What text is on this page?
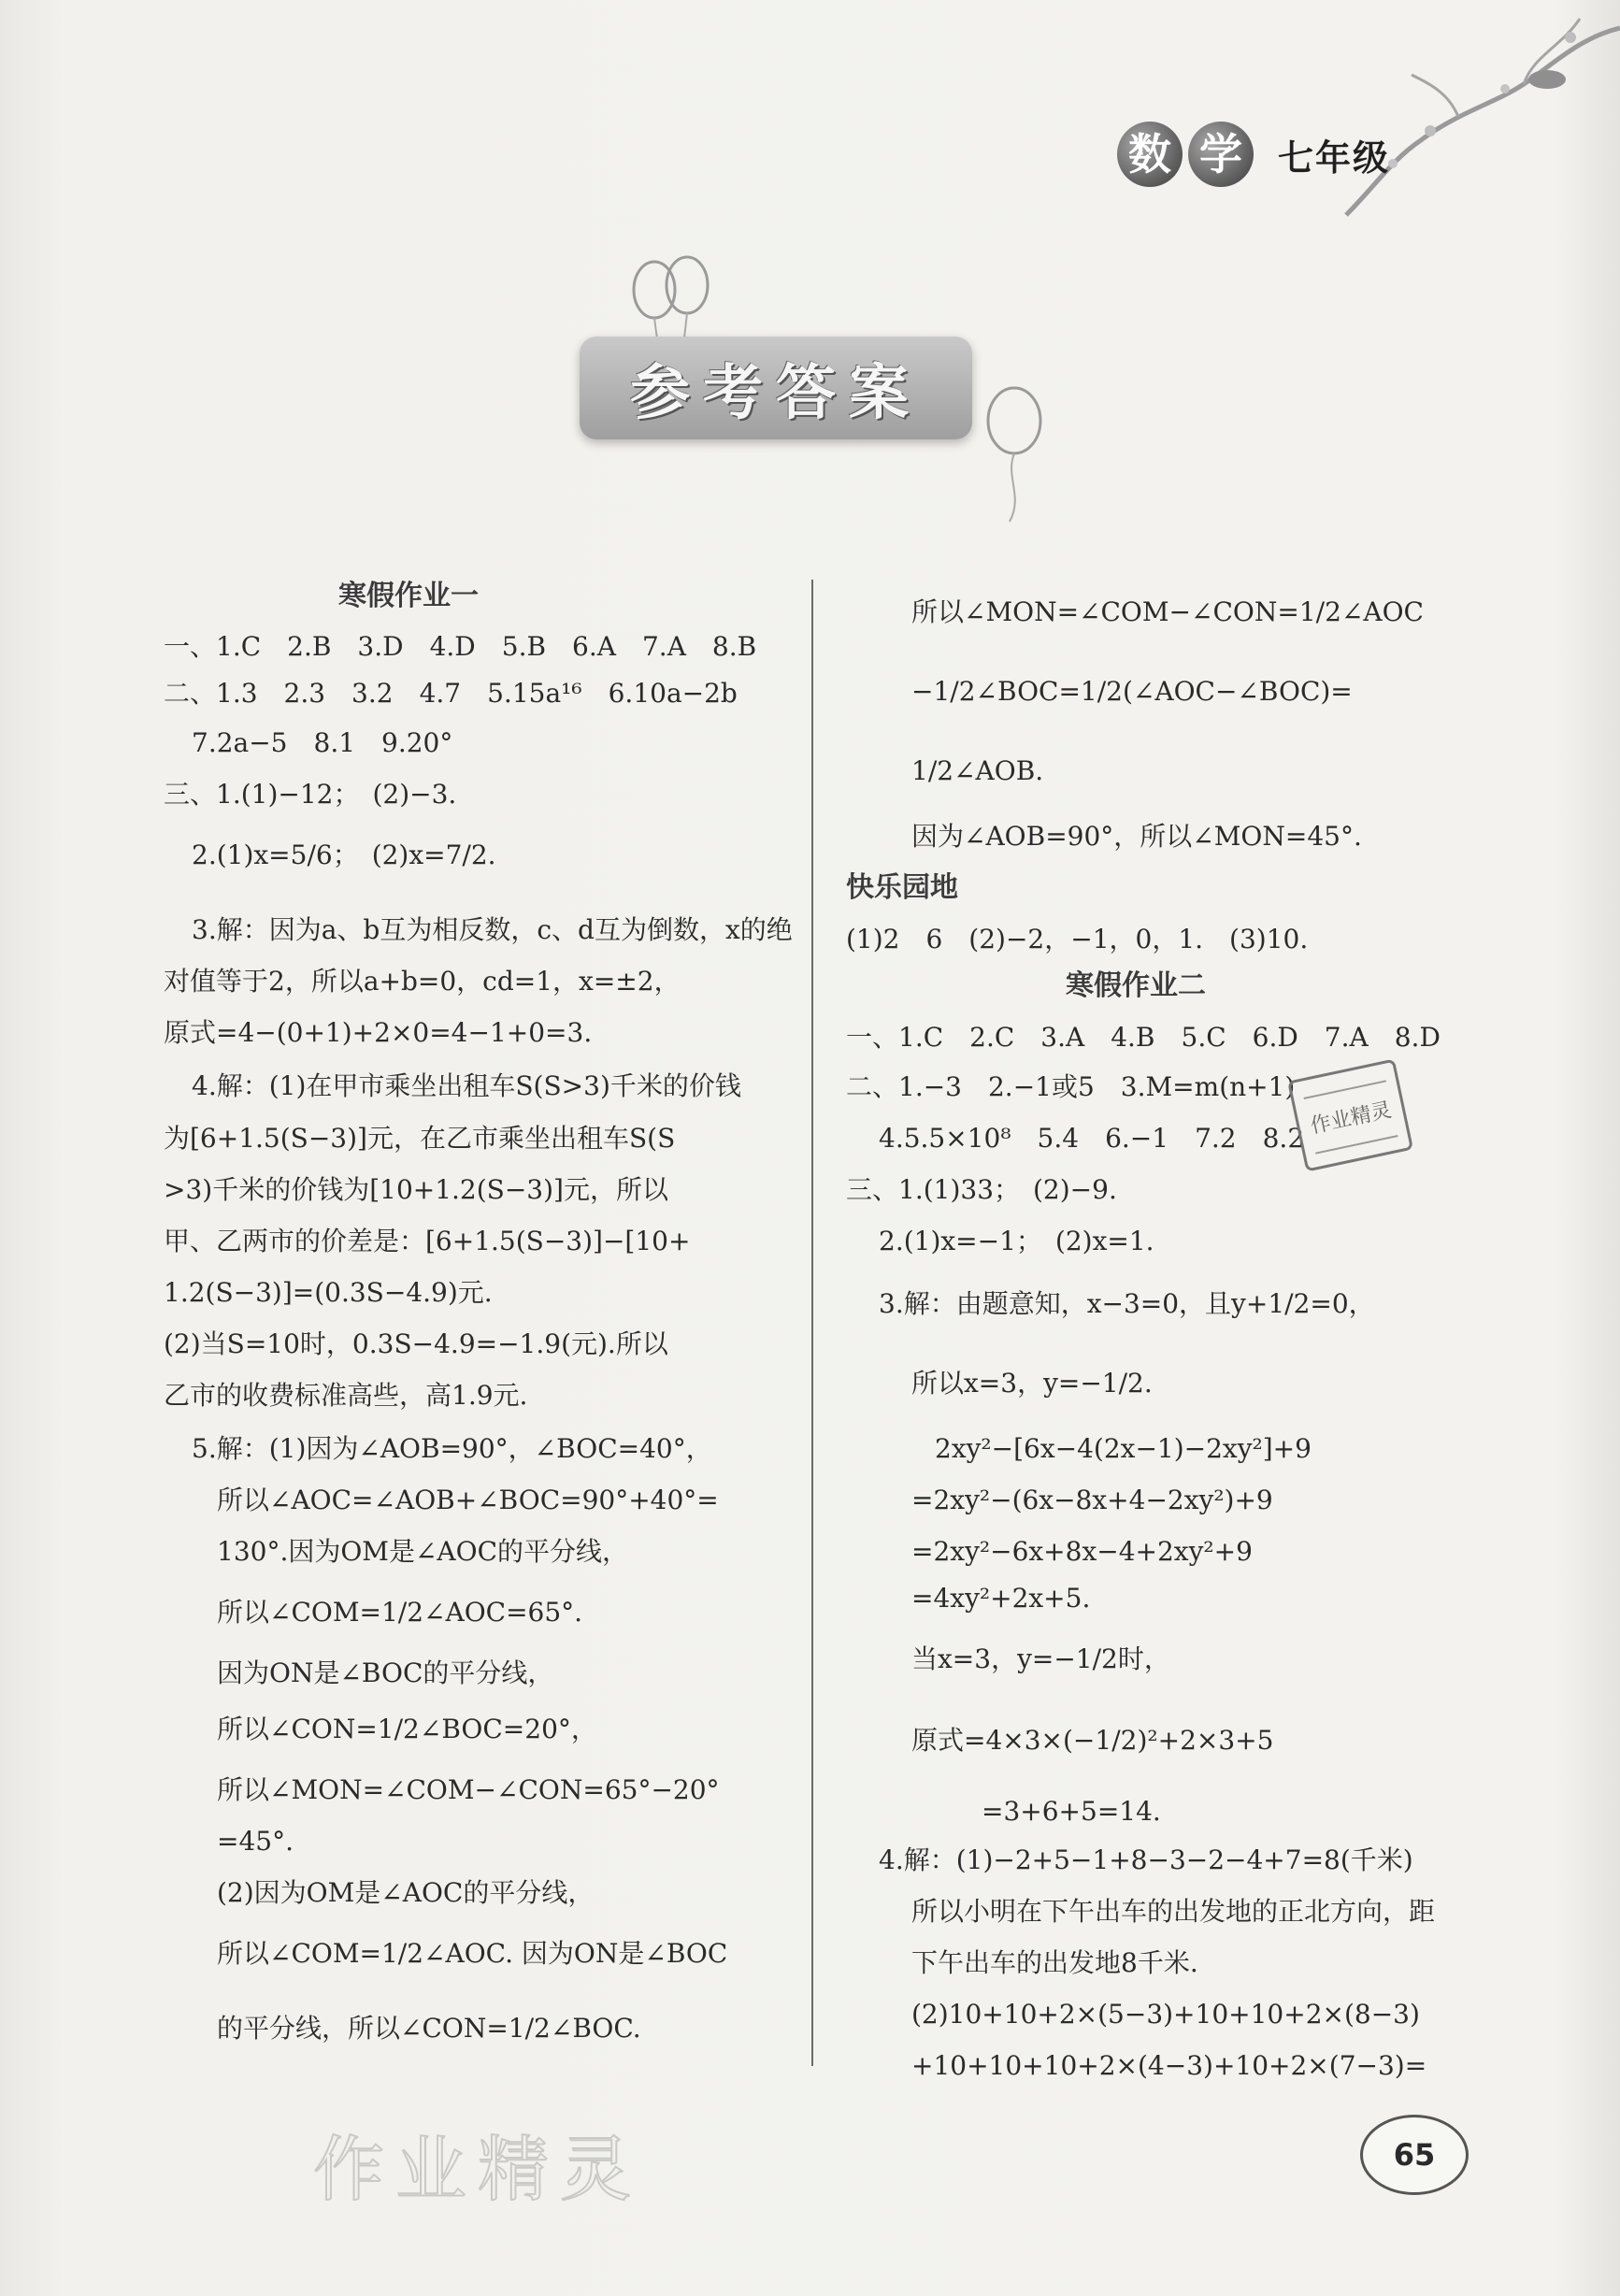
数 学	七年级
参考答案
寒假作业一
一、1.C　2.B　3.D　4.D　5.B　6.A　7.A　8.B
二、1.3　2.3　3.2　4.7　5.15a¹⁶　6.10a−2b
7.2a−5　8.1　9.20°
三、1.(1)−12；　(2)−3.
2.(1)x=5/6；　(2)x=7/2.
3.解：因为a、b互为相反数，c、d互为倒数，x的绝
对值等于2，所以a+b=0，cd=1，x=±2，
原式=4−(0+1)+2×0=4−1+0=3.
4.解：(1)在甲市乘坐出租车S(S>3)千米的价钱
为[6+1.5(S−3)]元，在乙市乘坐出租车S(S
>3)千米的价钱为[10+1.2(S−3)]元，所以
甲、乙两市的价差是：[6+1.5(S−3)]−[10+
1.2(S−3)]=(0.3S−4.9)元.
(2)当S=10时，0.3S−4.9=−1.9(元).所以
乙市的收费标准高些，高1.9元.
5.解：(1)因为∠AOB=90°，∠BOC=40°，
所以∠AOC=∠AOB+∠BOC=90°+40°=
130°.因为OM是∠AOC的平分线，
所以∠COM=1/2∠AOC=65°.
因为ON是∠BOC的平分线，
所以∠CON=1/2∠BOC=20°，
所以∠MON=∠COM−∠CON=65°−20°
=45°.
(2)因为OM是∠AOC的平分线，
所以∠COM=1/2∠AOC. 因为ON是∠BOC
的平分线，所以∠CON=1/2∠BOC.
所以∠MON=∠COM−∠CON=1/2∠AOC
−1/2∠BOC=1/2(∠AOC−∠BOC)=
1/2∠AOB.
因为∠AOB=90°，所以∠MON=45°.
快乐园地
(1)2　6　(2)−2，−1，0，1.　(3)10.
寒假作业二
一、1.C　2.C　3.A　4.B　5.C　6.D　7.A　8.D
二、1.−3　2.−1或5　3.M=m(n+1)
4.5.5×10⁸　5.4　6.−1　7.2　8.2
三、1.(1)33；　(2)−9.
2.(1)x=−1；　(2)x=1.
3.解：由题意知，x−3=0，且y+1/2=0，
所以x=3，y=−1/2.
2xy²−[6x−4(2x−1)−2xy²]+9
=2xy²−(6x−8x+4−2xy²)+9
=2xy²−6x+8x−4+2xy²+9
=4xy²+2x+5.
当x=3，y=−1/2时，
原式=4×3×(−1/2)²+2×3+5
=3+6+5=14.
4.解：(1)−2+5−1+8−3−2−4+7=8(千米)
所以小明在下午出车的出发地的正北方向，距
下午出车的出发地8千米.
(2)10+10+2×(5−3)+10+10+2×(8−3)
+10+10+10+2×(4−3)+10+2×(7−3)=
作业精灵
作业精灵	65
